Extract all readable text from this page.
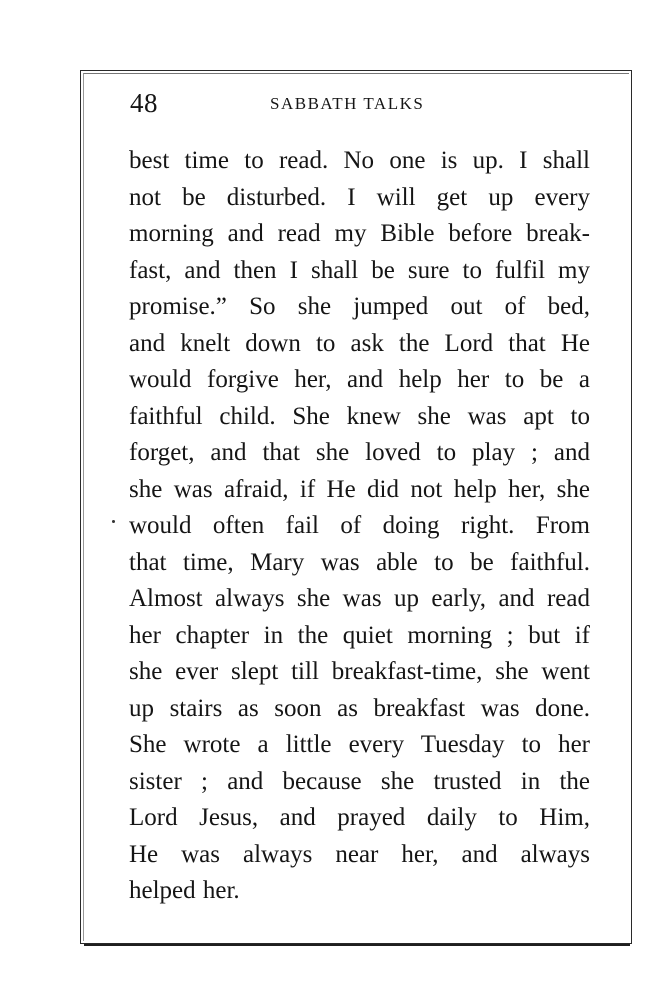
48	SABBATH TALKS
best time to read. No one is up. I shall
not be disturbed. I will get up every
morning and read my Bible before break-
fast, and then I shall be sure to fulfil my
promise.” So she jumped out of bed,
and knelt down to ask the Lord that He
would forgive her, and help her to be a
faithful child. She knew she was apt to
forget, and that she loved to play ; and
she was afraid, if He did not help her, she
would often fail of doing right. From
that time, Mary was able to be faithful.
Almost always she was up early, and read
her chapter in the quiet morning ; but if
she ever slept till breakfast-time, she went
up stairs as soon as breakfast was done.
She wrote a little every Tuesday to her
sister ; and because she trusted in the
Lord Jesus, and prayed daily to Him,
He was always near her, and always
helped her.
